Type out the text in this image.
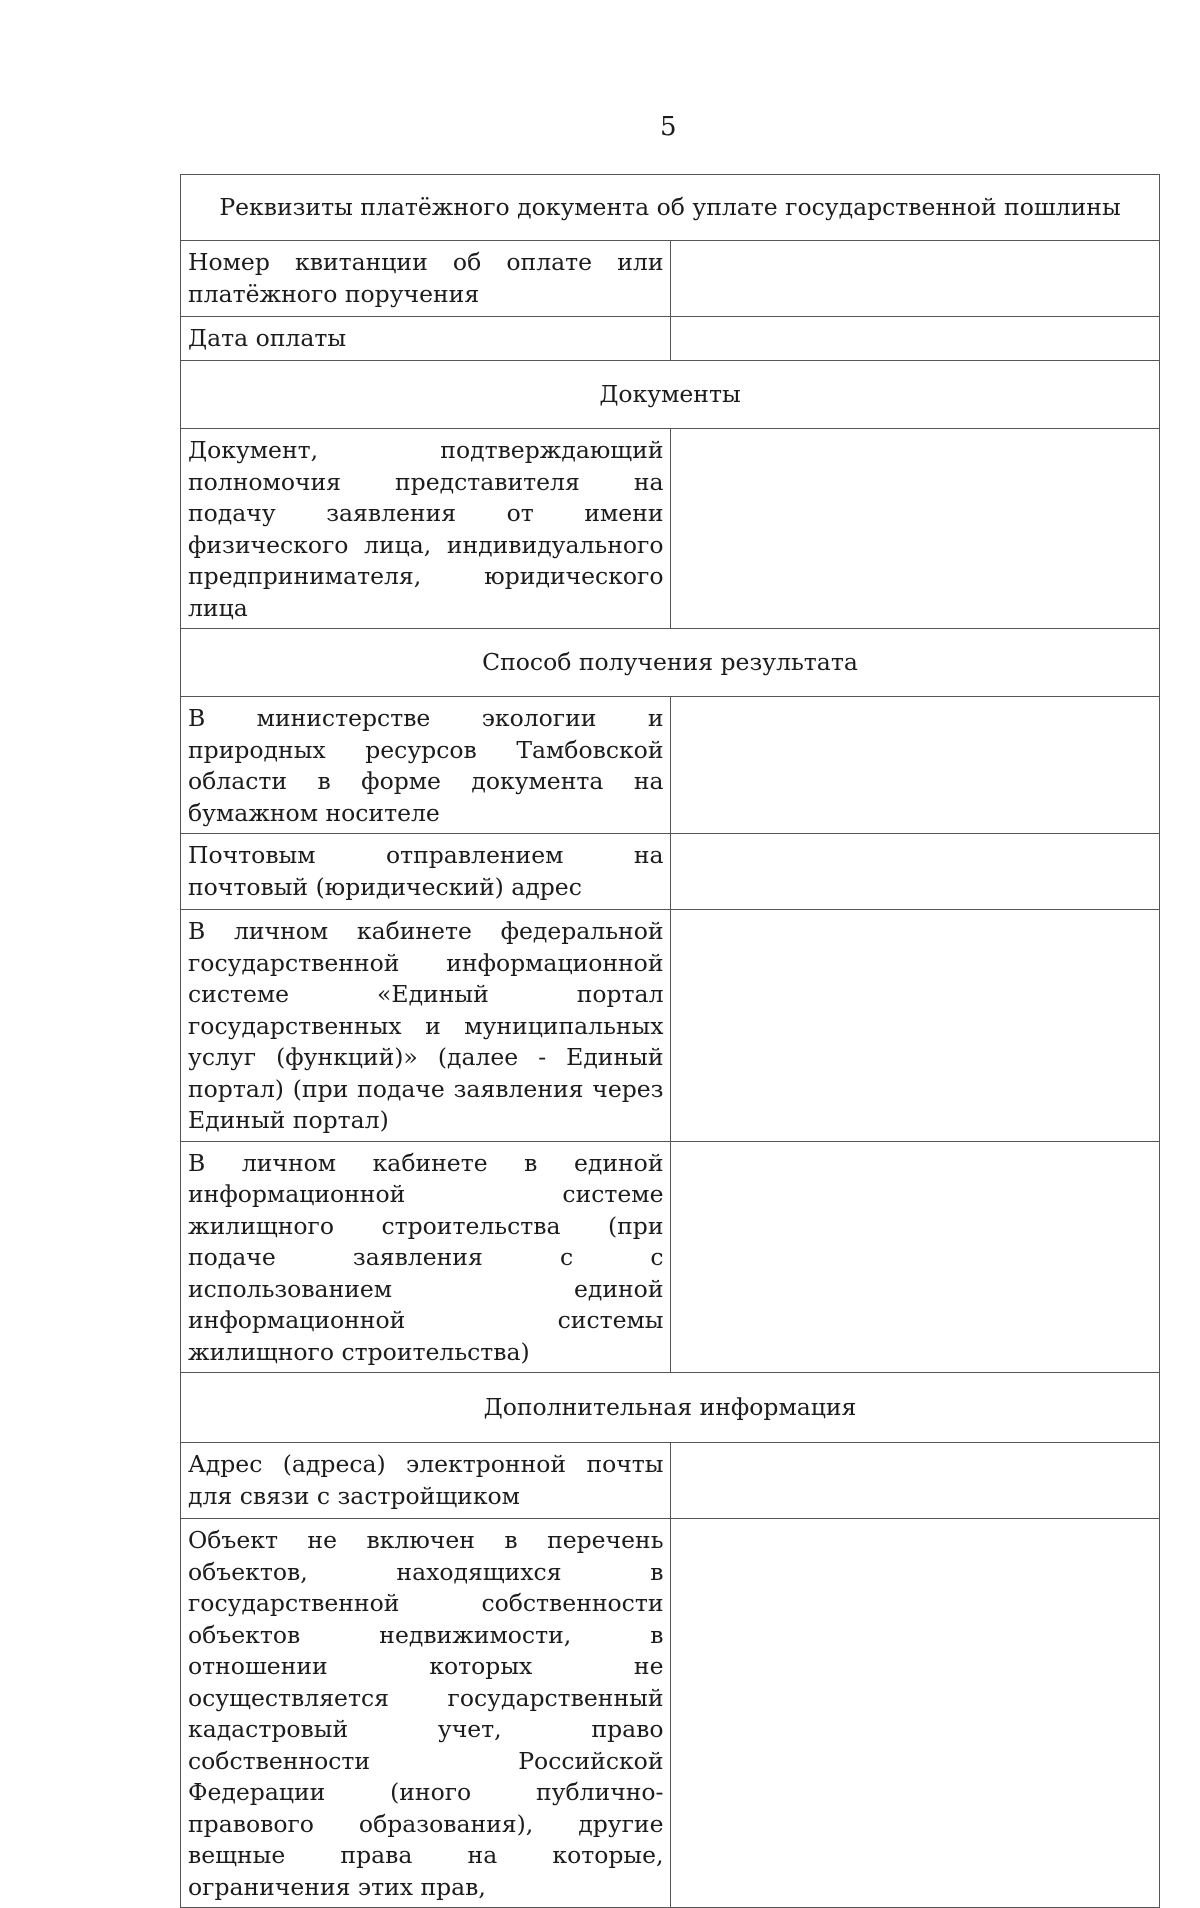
5
Реквизиты платёжного документа об уплате государственной пошлины	
Номер квитанции об оплате или платёжного поручения	
Дата оплаты	
Документы	
Документ, подтверждающий полномочия представителя на подачу заявления от имени физического лица, индивидуального предпринимателя, юридического лица	
Способ получения результата	
В министерстве экологии и природных ресурсов Тамбовской области в форме документа на бумажном носителе	
Почтовым отправлением на почтовый (юридический) адрес	
В личном кабинете федеральной государственной информационной системе «Единый портал государственных и муниципальных услуг (функций)» (далее - Единый портал) (при подаче заявления через Единый портал)	
В личном кабинете в единой информационной системе жилищного строительства (при подаче заявления с с использованием единой информационной системы жилищного строительства)	
Дополнительная информация	
Адрес (адреса) электронной почты для связи с застройщиком	
Объект не включен в перечень объектов, находящихся в государственной собственности объектов недвижимости, в отношении которых не осуществляется государственный кадастровый учет, право собственности Российской Федерации (иного публично-правового образования), другие вещные права на которые, ограничения этих прав,	
